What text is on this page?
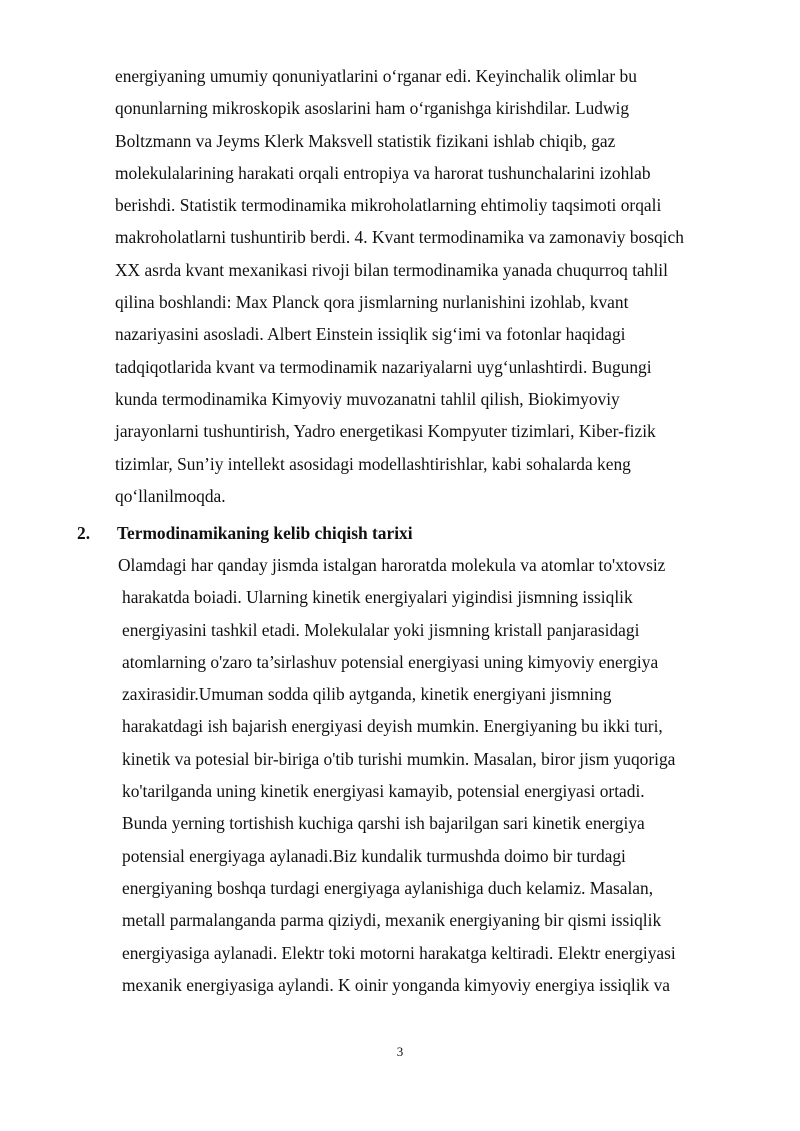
energiyaning umumiy qonuniyatlarini o‘rganar edi. Keyinchalik olimlar bu
qonunlarning mikroskopik asoslarini ham o‘rganishga kirishdilar. Ludwig
Boltzmann va Jeyms Klerk Maksvell statistik fizikani ishlab chiqib, gaz
molekulalarining harakati orqali entropiya va harorat tushunchalarini izohlab
berishdi. Statistik termodinamika mikroholatlarning ehtimoliy taqsimoti orqali
makroholatlarni tushuntirib berdi. 4. Kvant termodinamika va zamonaviy bosqich
XX asrda kvant mexanikasi rivoji bilan termodinamika yanada chuqurroq tahlil
qilina boshlandi: Max Planck qora jismlarning nurlanishini izohlab, kvant
nazariyasini asosladi. Albert Einstein issiqlik sig‘imi va fotonlar haqidagi
tadqiqotlarida kvant va termodinamik nazariyalarni uyg‘unlashtirdi. Bugungi
kunda termodinamika Kimyoviy muvozanatni tahlil qilish, Biokimyoviy
jarayonlarni tushuntirish, Yadro energetikasi Kompyuter tizimlari, Kiber-fizik
tizimlar, Sun’iy intellekt asosidagi modellashtirishlar, kabi sohalarda keng
qo‘llanilmoqda.

2. Termodinamikaning kelib chiqish tarixi

Olamdagi har qanday jismda istalgan haroratda molekula va atomlar to'xtovsiz
harakatda boiadi. Ularning kinetik energiyalari yigindisi jismning issiqlik
energiyasini tashkil etadi. Molekulalar yoki jismning kristall panjarasidagi
atomlarning o'zaro ta’sirlashuv potensial energiyasi uning kimyoviy energiya
zaxirasidir.Umuman sodda qilib aytganda, kinetik energiyani jismning
harakatdagi ish bajarish energiyasi deyish mumkin. Energiyaning bu ikki turi,
kinetik va potesial bir-biriga o'tib turishi mumkin. Masalan, biror jism yuqoriga
ko'tarilganda uning kinetik energiyasi kamayib, potensial energiyasi ortadi.
Bunda yerning tortishish kuchiga qarshi ish bajarilgan sari kinetik energiya
potensial energiyaga aylanadi.Biz kundalik turmushda doimo bir turdagi
energiyaning boshqa turdagi energiyaga aylanishiga duch kelamiz. Masalan,
metall parmalanganda parma qiziydi, mexanik energiyaning bir qismi issiqlik
energiyasiga aylanadi. Elektr toki motorni harakatga keltiradi. Elektr energiyasi
mexanik energiyasiga aylandi. K oinir yonganda kimyoviy energiya issiqlik va

3
